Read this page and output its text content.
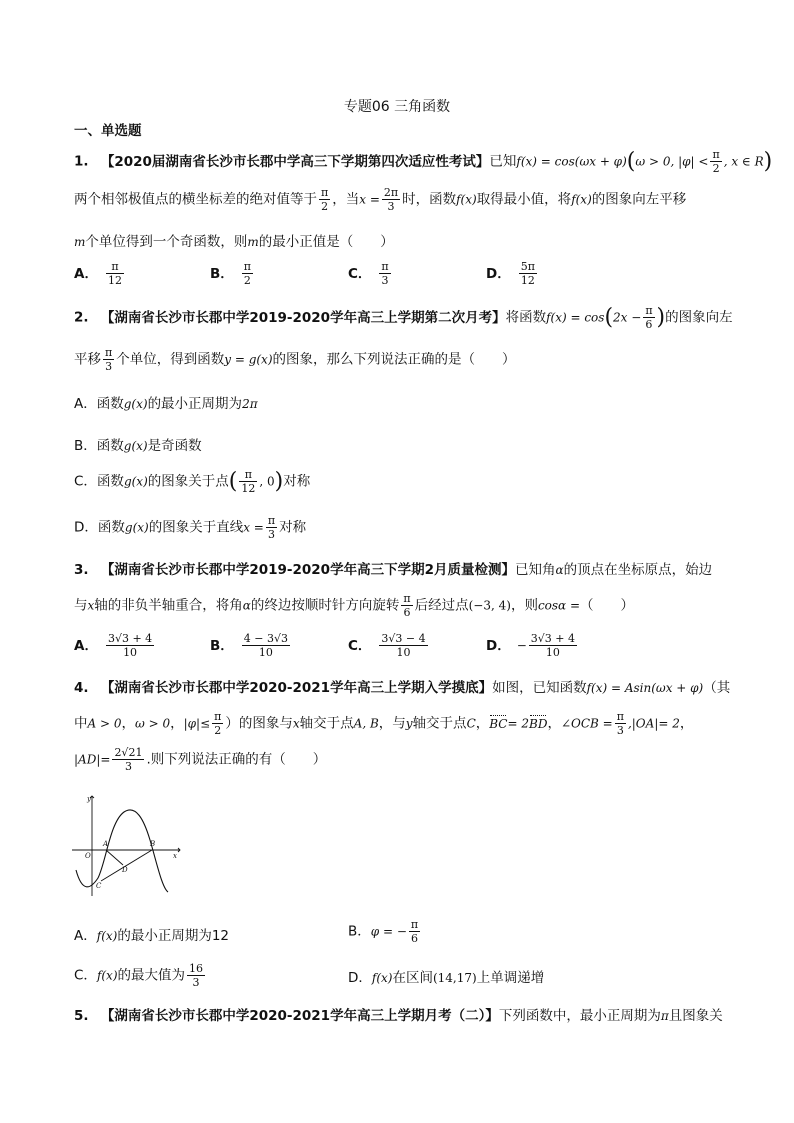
专题06 三角函数
一、单选题
1. 【2020届湖南省长沙市长郡中学高三下学期第四次适应性考试】已知f(x) = cos(ωx + φ)(ω > 0, $|\varphi| < \frac{\pi}{2}$ , x ∈ R)
两个相邻极值点的横坐标差的绝对值等于 $\frac{\pi}{2}$ ，当$x = \frac{2\pi}{3}$ 时，函数f(x)取得最小值，将f(x)的图象向左平移
m个单位得到一个奇函数，则m的最小正值是（　　）
A． $\frac{\pi}{12}$	B． $\frac{\pi}{2}$	C． $\frac{\pi}{3}$	D． $\frac{5\pi}{12}$
2. 【湖南省长沙市长郡中学2019-2020学年高三上学期第二次月考】将函数$f(x) = \cos(2x - \frac{\pi}{6}$ )的图象向左
平移 $\frac{\pi}{3}$ 个单位，得到函数y = g(x)的图象，那么下列说法正确的是（　　）
A．函数g(x)的最小正周期为2π
B．函数g(x)是奇函数
C．函数g(x)的图象关于点( $\frac{\pi}{12}$ , 0)对称
D．函数g(x)的图象关于直线$x = \frac{\pi}{3}$ 对称
3. 【湖南省长沙市长郡中学2019-2020学年高三下学期2月质量检测】已知角α的顶点在坐标原点，始边
与x轴的非负半轴重合，将角α的终边按顺时针方向旋转 $\frac{\pi}{6}$ 后经过点(−3, 4)，则cosα =（　　）
A． $\frac{3√3 + 4}{10}$	B． $\frac{4 - 3√3}{10}$	C． $\frac{3√3 - 4}{10}$	D． − $\frac{3√3 + 4}{10}$
4. 【湖南省长沙市长郡中学2020-2021学年高三上学期入学摸底】如图，已知函数f(x) = Asin(ωx + φ)（其
中A > 0，ω > 0，$|\varphi|\le \frac{\pi}{2}$ ）的图象与x轴交于点A, B，与y轴交于点C，BC= 2BD，∠OCB = $\frac{\pi}{3} ,|OA|= 2$，
$|AD|= \frac{2√21}{3}$ .则下列说法正确的有（　　）
y
x
O
A	B
C
D
A．f(x)的最小正周期为12	B．φ = − $\frac{\pi}{6}$
C．f(x)的最大值为 $\frac{16}{3}$	D．f(x)在区间(14,17)上单调递增
5. 【湖南省长沙市长郡中学2020-2021学年高三上学期月考（二）】下列函数中，最小正周期为π且图象关
